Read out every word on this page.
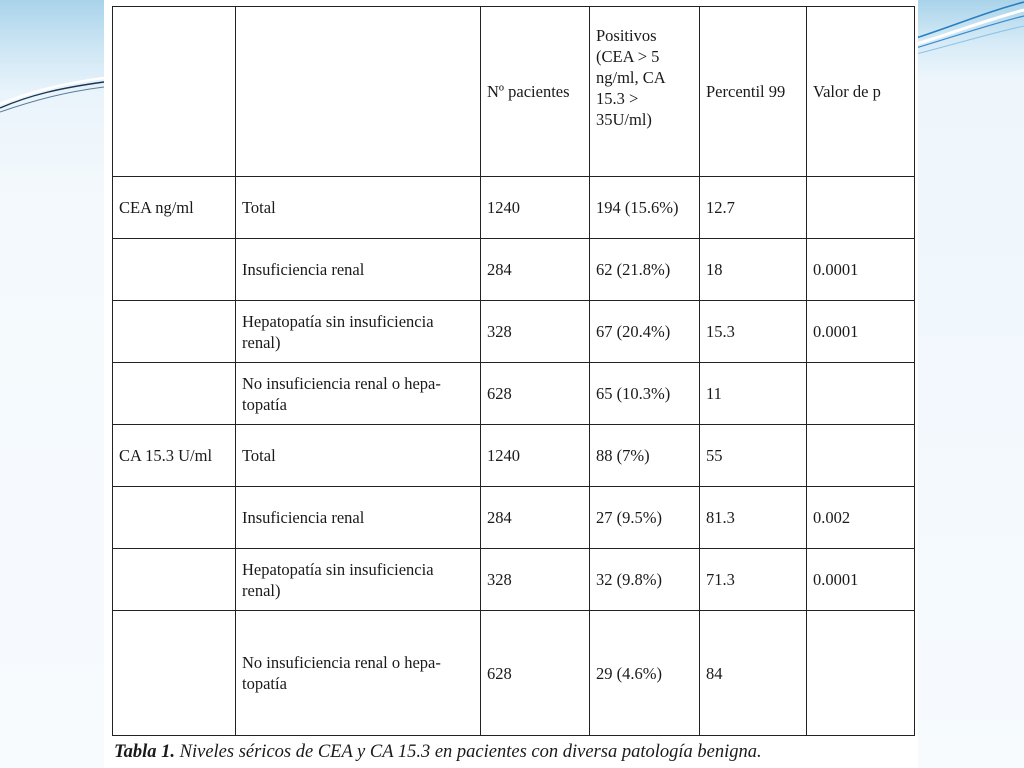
		Nº pacientes	Positivos
(CEA > 5
ng/ml, CA
15.3 >
35U/ml)	Percentil 99	Valor de p
CEA ng/ml	Total	1240	194 (15.6%)	12.7	
	Insuficiencia renal	284	62 (21.8%)	18	0.0001
	Hepatopatía sin insuficiencia
renal)	328	67 (20.4%)	15.3	0.0001
	No insuficiencia renal o hepa-
topatía	628	65 (10.3%)	11	
CA 15.3 U/ml	Total	1240	88 (7%)	55	
	Insuficiencia renal	284	27 (9.5%)	81.3	0.002
	Hepatopatía sin insuficiencia
renal)	328	32 (9.8%)	71.3	0.0001
	No insuficiencia renal o hepa-
topatía	628	29 (4.6%)	84	
Tabla 1. Niveles séricos de CEA y CA 15.3 en pacientes con diversa patología benigna.
